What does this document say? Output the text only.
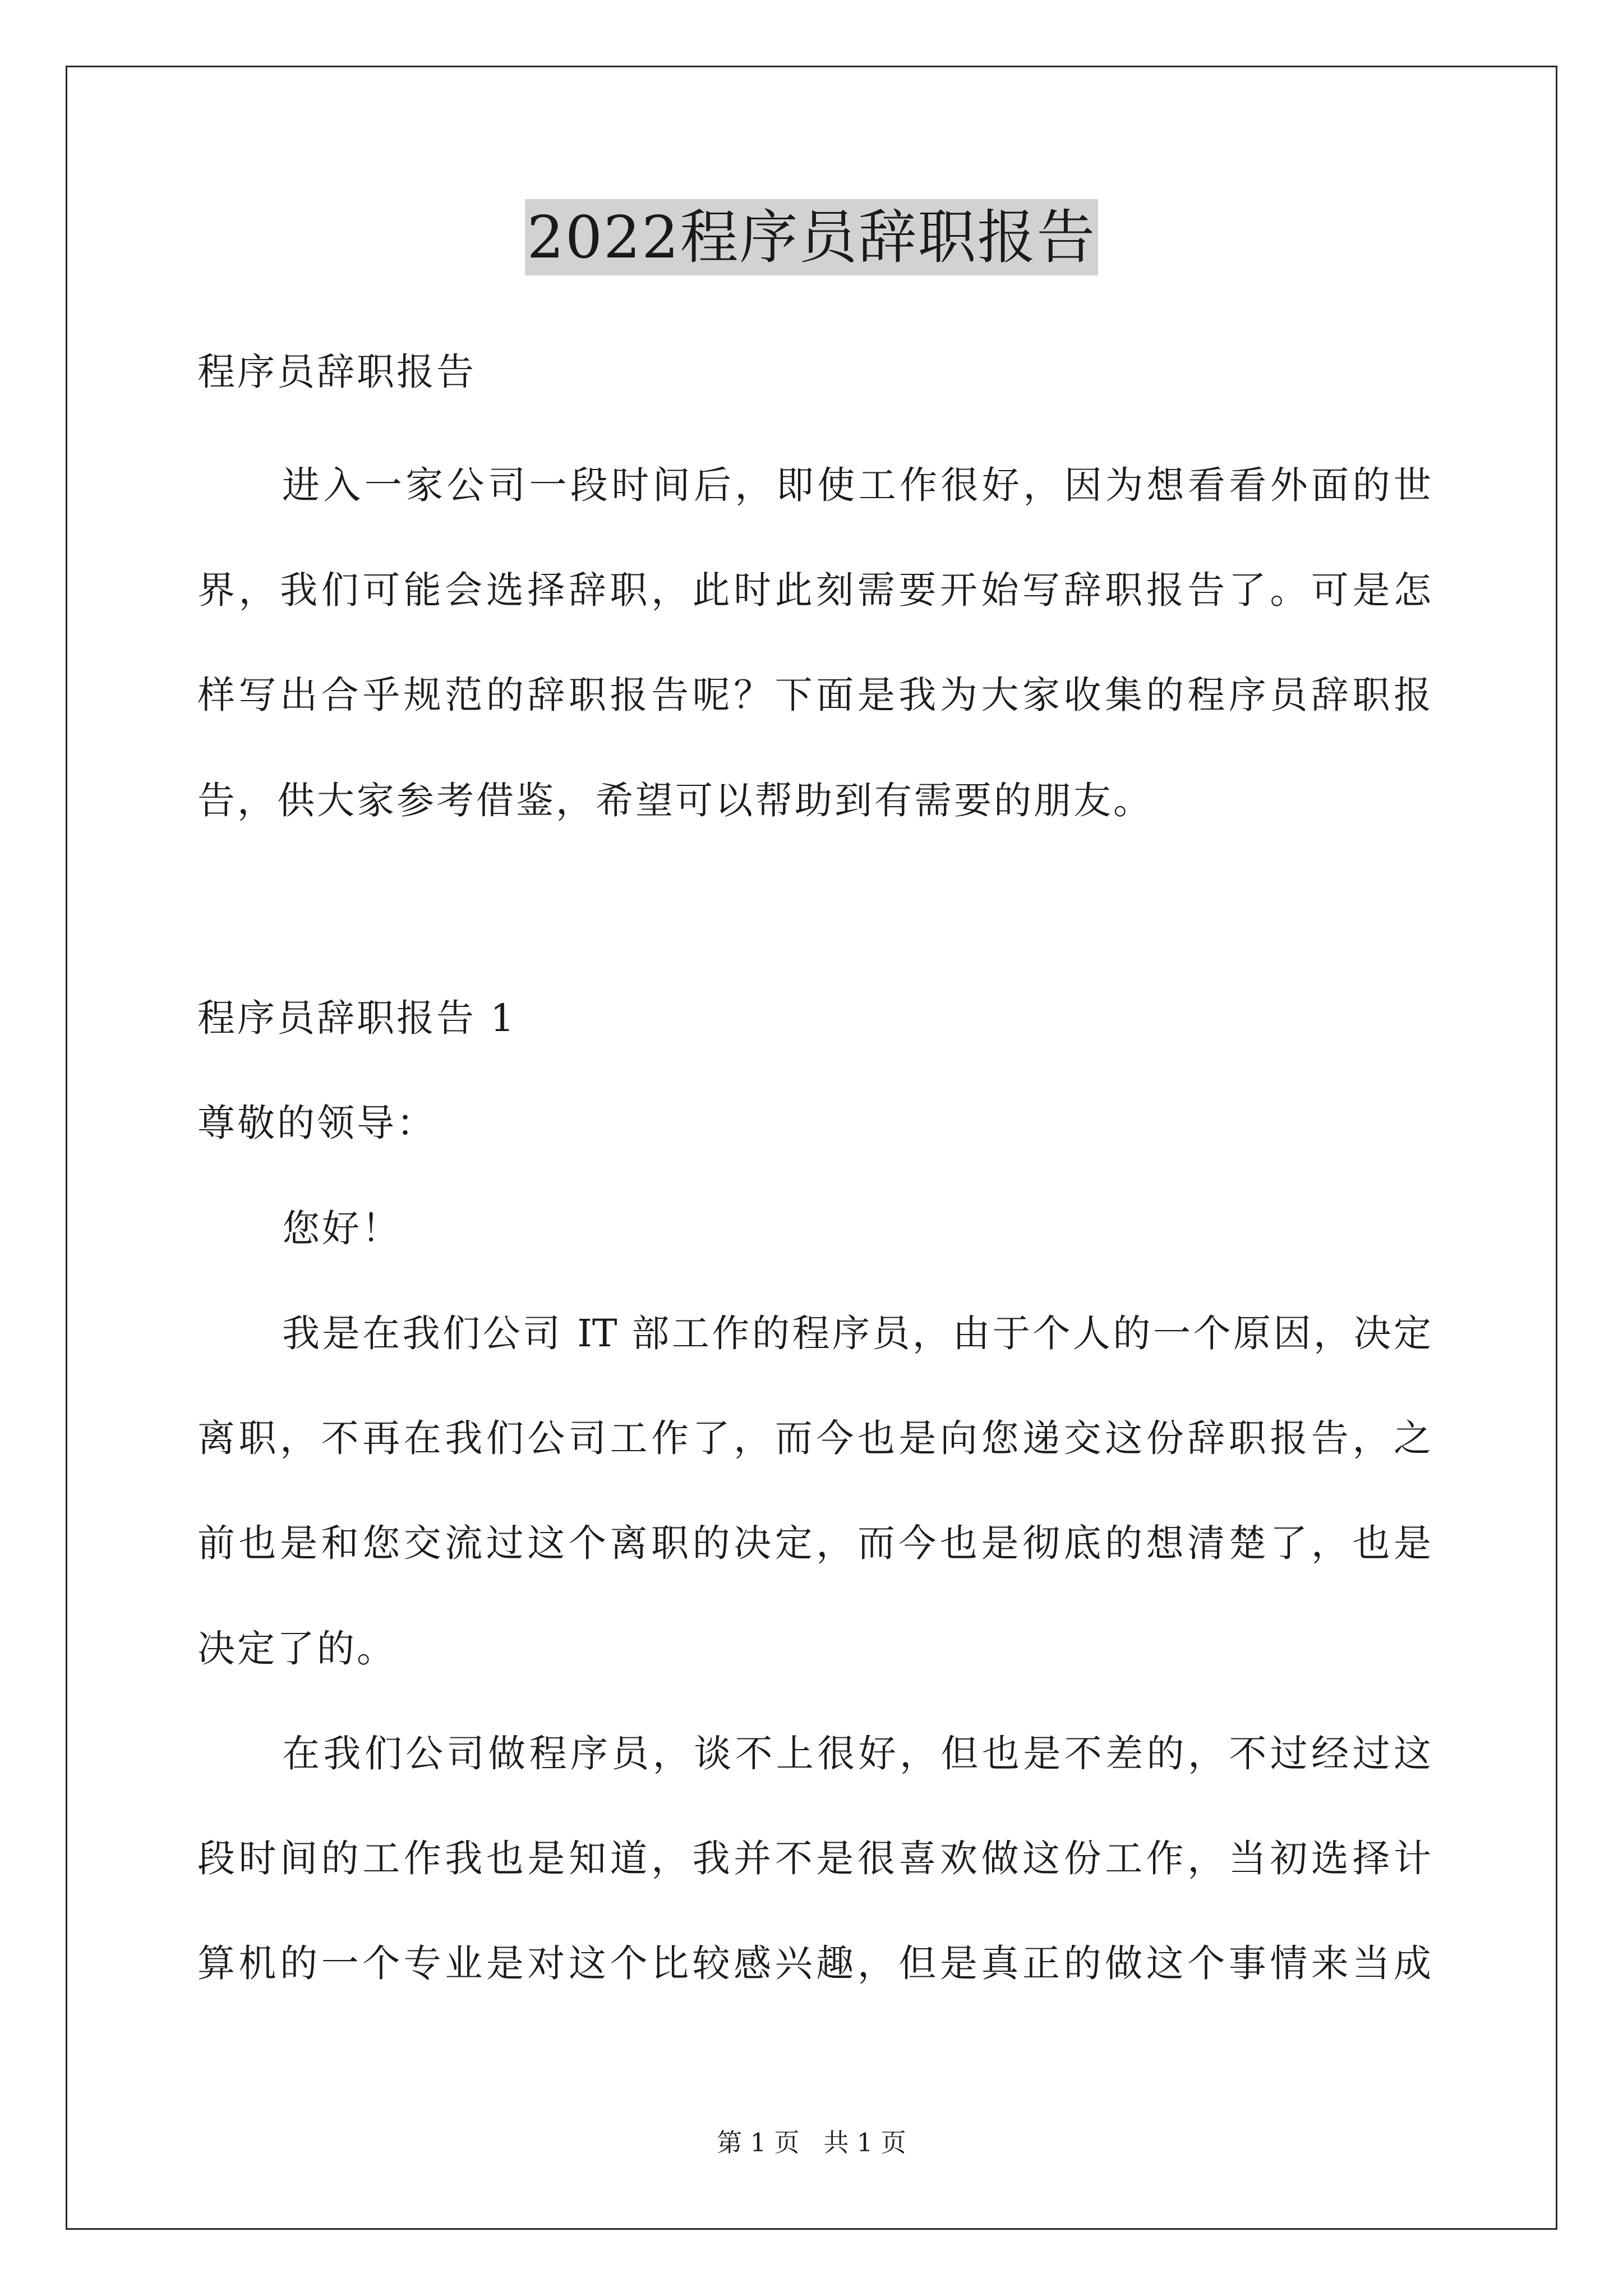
2022程序员辞职报告
程序员辞职报告
进入一家公司一段时间后，即使工作很好，因为想看看外面的世
界，我们可能会选择辞职，此时此刻需要开始写辞职报告了。可是怎
样写出合乎规范的辞职报告呢？下面是我为大家收集的程序员辞职报
告，供大家参考借鉴，希望可以帮助到有需要的朋友。
程序员辞职报告 1
尊敬的领导：
您好！
我是在我们公司 IT 部工作的程序员，由于个人的一个原因，决定
离职，不再在我们公司工作了，而今也是向您递交这份辞职报告，之
前也是和您交流过这个离职的决定，而今也是彻底的想清楚了，也是
决定了的。
在我们公司做程序员，谈不上很好，但也是不差的，不过经过这
段时间的工作我也是知道，我并不是很喜欢做这份工作，当初选择计
算机的一个专业是对这个比较感兴趣，但是真正的做这个事情来当成
第 1 页   共 1 页
